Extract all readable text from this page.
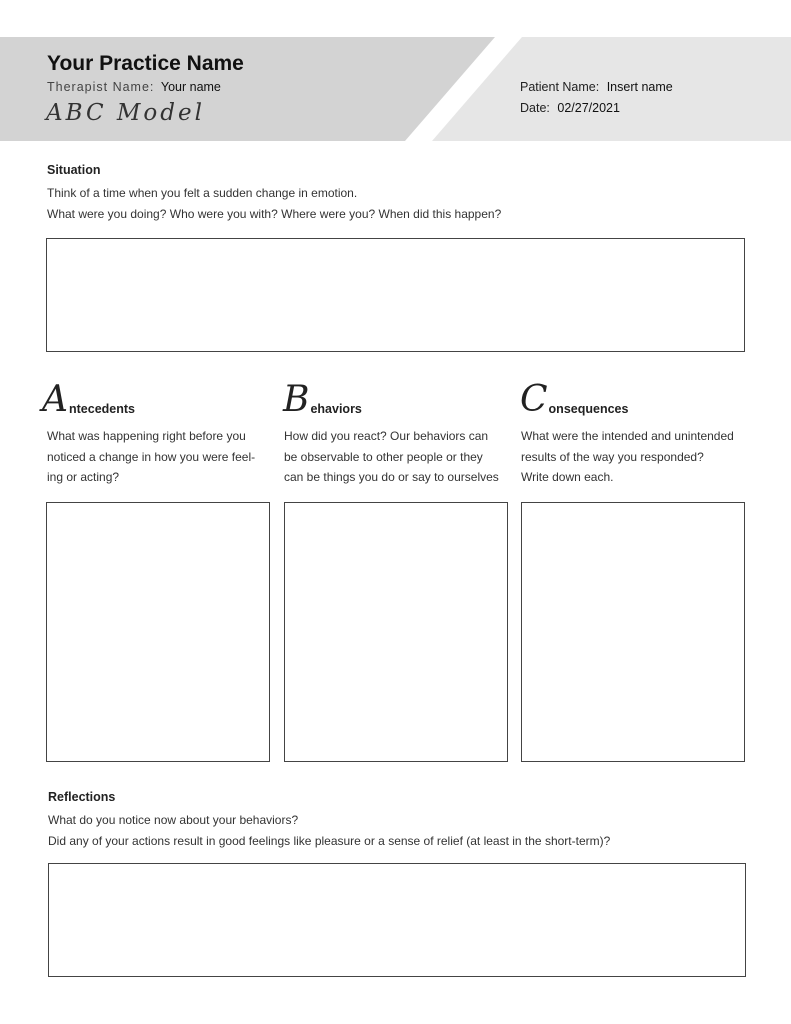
Your Practice Name
Therapist Name: Your name
ABC Model
Patient Name: Insert name
Date: 02/27/2021
Situation
Think of a time when you felt a sudden change in emotion.
What were you doing? Who were you with? Where were you? When did this happen?
Antecedents
What was happening right before you
noticed a change in how you were feel-
ing or acting?
Behaviors
How did you react? Our behaviors can
be observable to other people or they
can be things you do or say to ourselves
Consequences
What were the intended and unintended
results of the way you responded?
Write down each.
Reflections
What do you notice now about your behaviors?
Did any of your actions result in good feelings like pleasure or a sense of relief (at least in the short-term)?
